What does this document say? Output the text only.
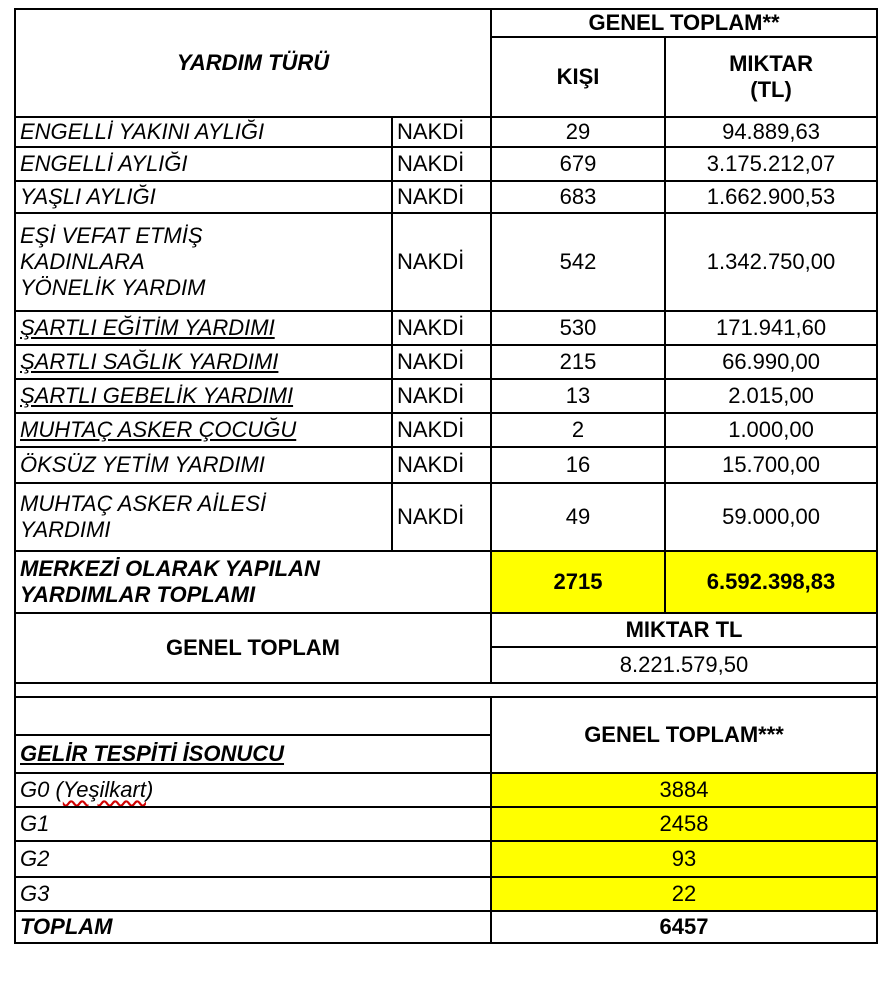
YARDIM TÜRÜ		GENEL TOPLAM**	
		KIŞI	MIKTAR
(TL)

ENGELLİ YAKINI AYLIĞI	NAKDİ	29	94.889,63
ENGELLİ AYLIĞI	NAKDİ	679	3.175.212,07
YAŞLI AYLIĞI	NAKDİ	683	1.662.900,53

EŞİ VEFAT ETMİŞ
KADINLARA
YÖNELİK YARDIM	NAKDİ	542	1.342.750,00
ŞARTLI EĞİTİM YARDIMI	NAKDİ	530	171.941,60
ŞARTLI SAĞLIK YARDIMI	NAKDİ	215	66.990,00
ŞARTLI GEBELİK YARDIMI	NAKDİ	13	2.015,00
MUHTAÇ ASKER ÇOCUĞU	NAKDİ	2	1.000,00
ÖKSÜZ YETİM YARDIMI	NAKDİ	16	15.700,00

MUHTAÇ ASKER AİLESİ
YARDIMI	NAKDİ	49	59.000,00

MERKEZİ OLARAK YAPILAN
YARDIMLAR TOPLAMI		2715	6.592.398,83
GENEL TOPLAM		MIKTAR TL	
		8.221.579,50	

		GENEL TOPLAM***	
GELİR TESPİTİ İSONUCU			
G0 (Yeşilkart)		3884	
G1		2458	
G2		93	
G3		22	
TOPLAM		6457	
